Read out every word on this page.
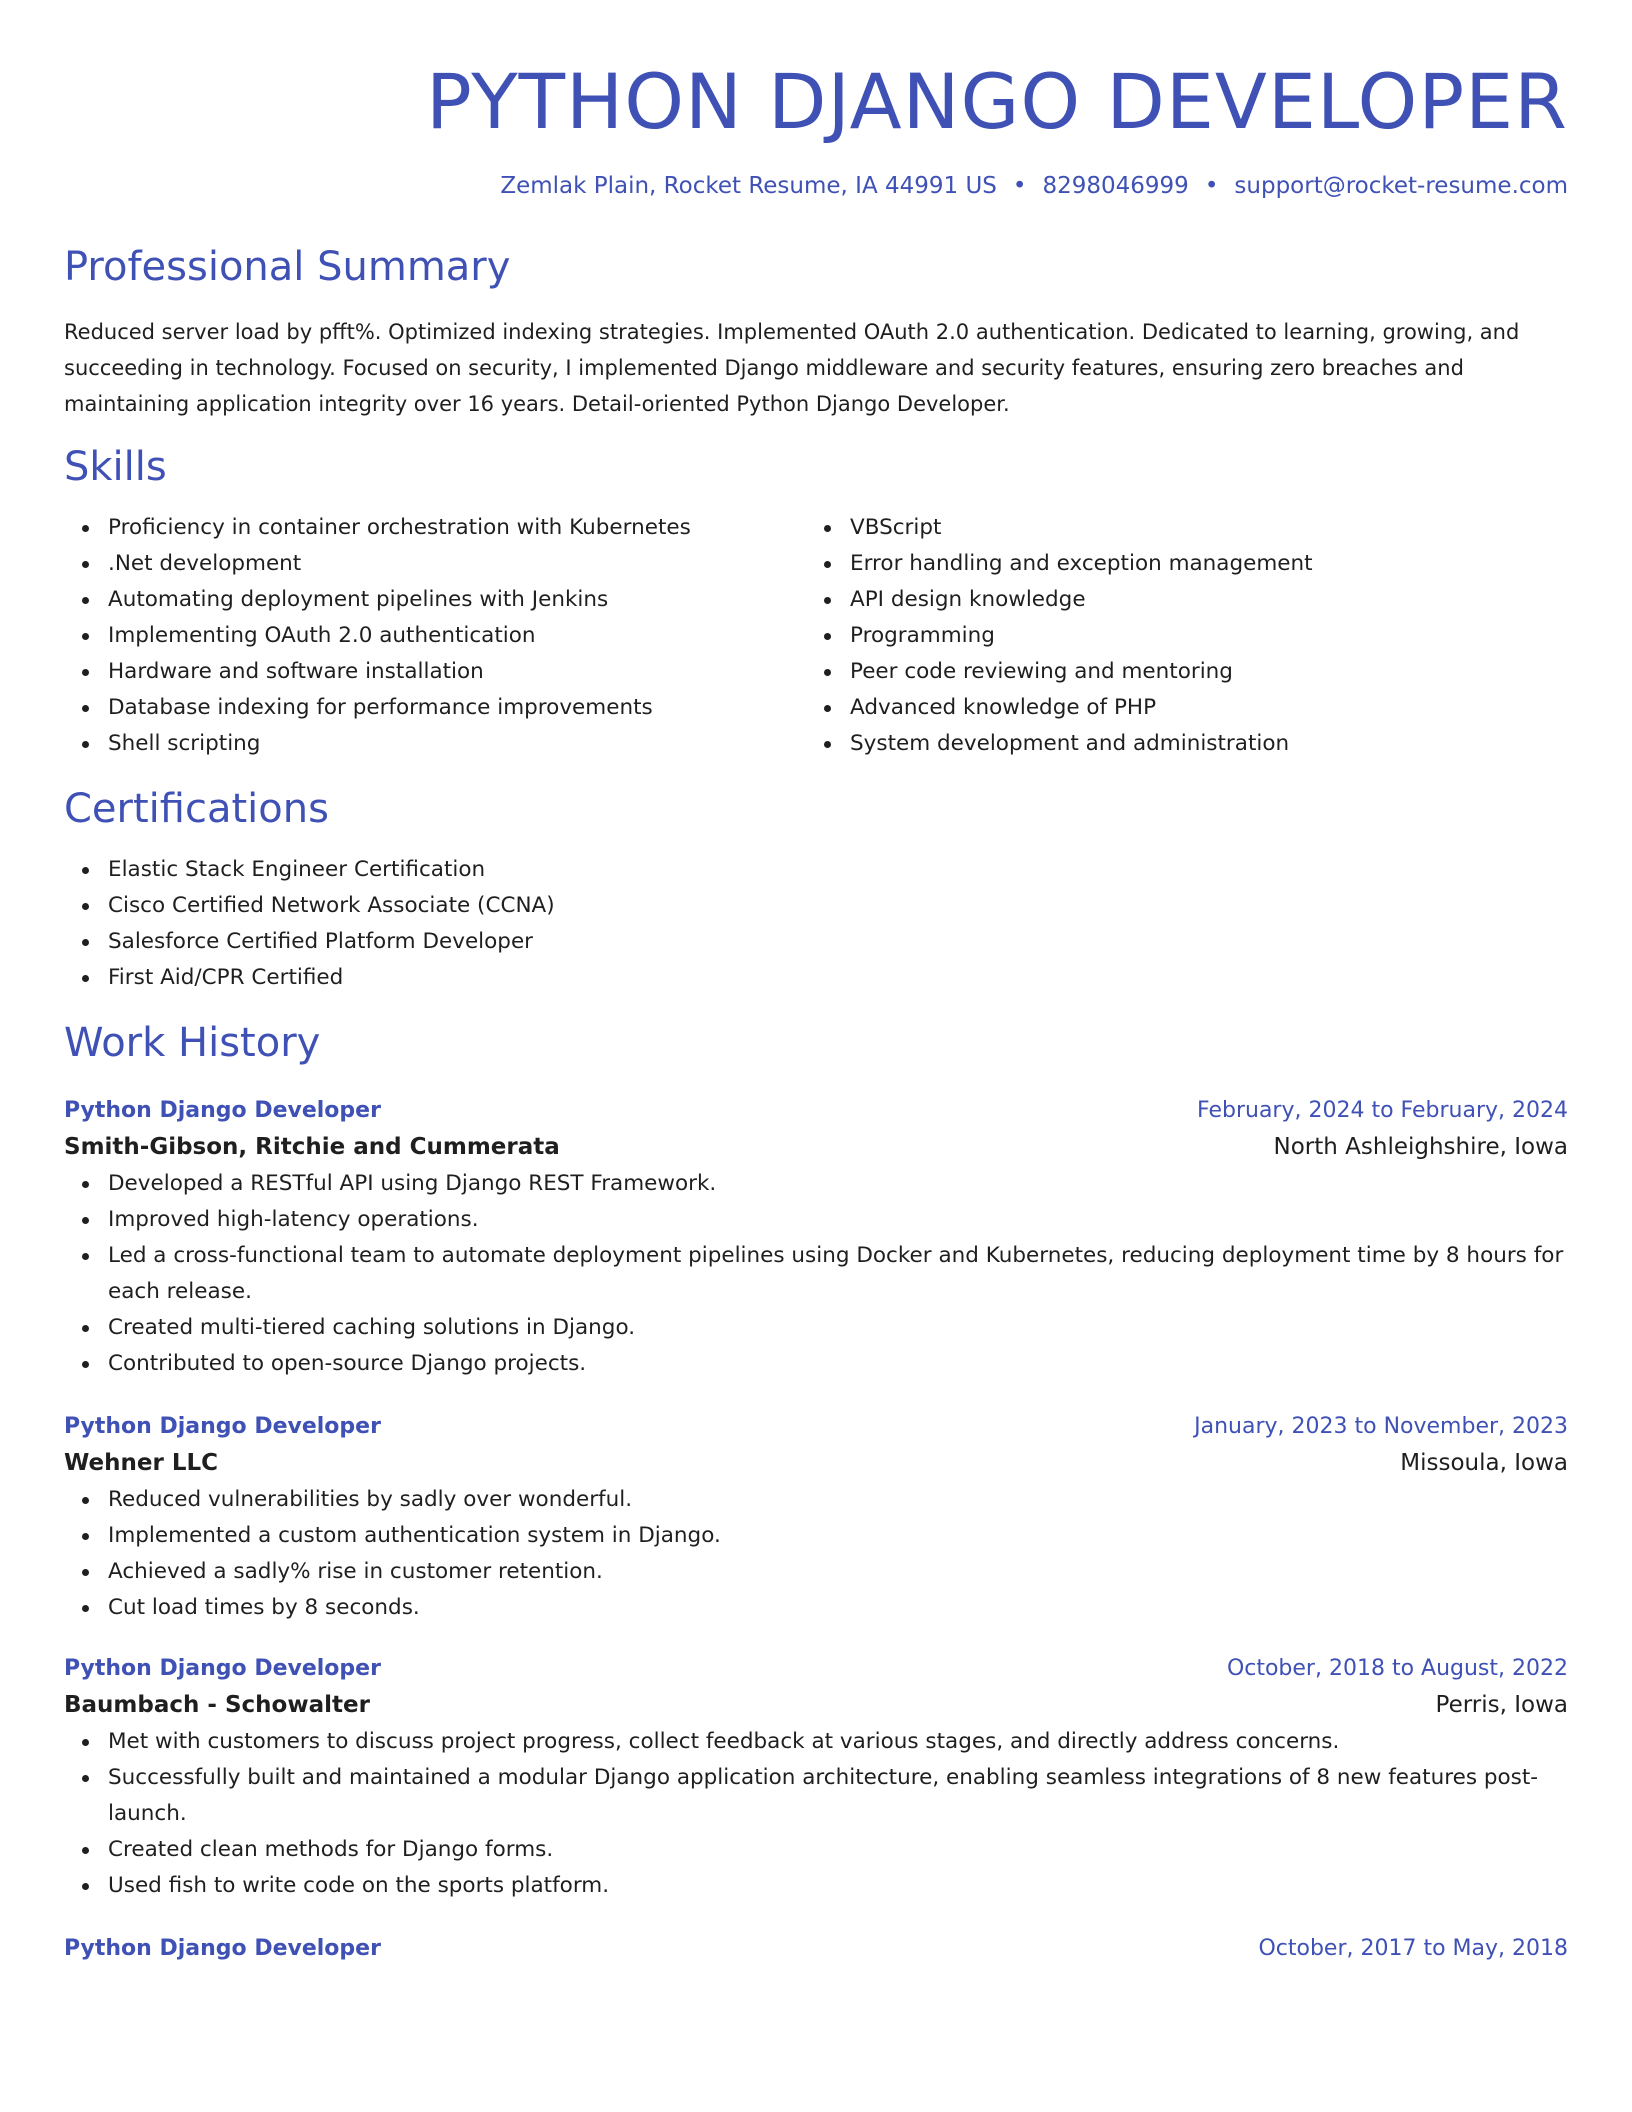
PYTHON DJANGO DEVELOPER
Zemlak Plain, Rocket Resume, IA 44991 US • 8298046999 • support@rocket-resume.com
Professional Summary

Reduced server load by pfft%. Optimized indexing strategies. Implemented OAuth 2.0 authentication. Dedicated to learning, growing, and succeeding in technology. Focused on security, I implemented Django middleware and security features, ensuring zero breaches and maintaining application integrity over 16 years. Detail-oriented Python Django Developer.

Skills
Proficiency in container orchestration with Kubernetes
.Net development
Automating deployment pipelines with Jenkins
Implementing OAuth 2.0 authentication
Hardware and software installation
Database indexing for performance improvements
Shell scripting
VBScript
Error handling and exception management
API design knowledge
Programming
Peer code reviewing and mentoring
Advanced knowledge of PHP
System development and administration
Certifications
Elastic Stack Engineer Certification
Cisco Certified Network Associate (CCNA)
Salesforce Certified Platform Developer
First Aid/CPR Certified
Work History
Python Django Developer	February, 2024 to February, 2024
Smith-Gibson, Ritchie and Cummerata	North Ashleighshire, Iowa
Developed a RESTful API using Django REST Framework.
Improved high-latency operations.
Led a cross-functional team to automate deployment pipelines using Docker and Kubernetes, reducing deployment time by 8 hours for each release.
Created multi-tiered caching solutions in Django.
Contributed to open-source Django projects.
Python Django Developer	January, 2023 to November, 2023
Wehner LLC	Missoula, Iowa
Reduced vulnerabilities by sadly over wonderful.
Implemented a custom authentication system in Django.
Achieved a sadly% rise in customer retention.
Cut load times by 8 seconds.
Python Django Developer	October, 2018 to August, 2022
Baumbach - Schowalter	Perris, Iowa
Met with customers to discuss project progress, collect feedback at various stages, and directly address concerns.
Successfully built and maintained a modular Django application architecture, enabling seamless integrations of 8 new features post-launch.
Created clean methods for Django forms.
Used fish to write code on the sports platform.
Python Django Developer	October, 2017 to May, 2018
